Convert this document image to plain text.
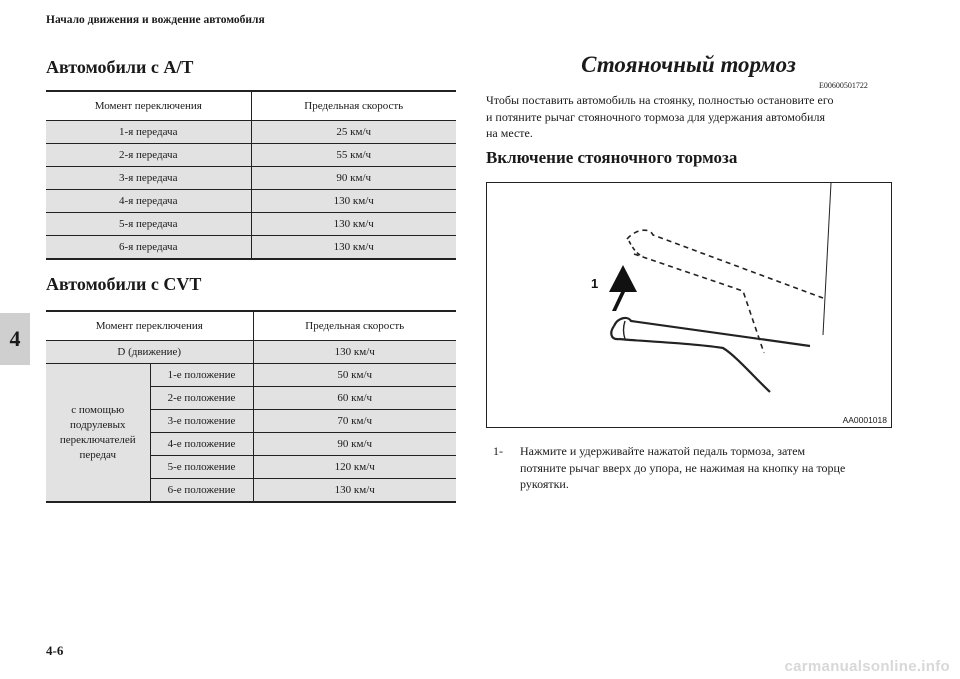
Начало движения и вождение автомобиля
4
Автомобили с A/T
Момент переключения	Предельная скорость
1-я передача	25 км/ч
2-я передача	55 км/ч
3-я передача	90 км/ч
4-я передача	130 км/ч
5-я передача	130 км/ч
6-я передача	130 км/ч
Автомобили с CVT
Момент переключения		Предельная скорость
D (движение)		130 км/ч

с помощью
подрулевых
переключателей
передач	1-е положение	50 км/ч
	2-е положение	60 км/ч
	3-е положение	70 км/ч
	4-е положение	90 км/ч
	5-е положение	120 км/ч
	6-е положение	130 км/ч
Стояночный тормоз
E00600501722
Чтобы поставить автомобиль на стоянку, полностью остановите его
и потяните рычаг стояночного тормоза для удержания автомобиля
на месте.
Включение стояночного тормоза
1
AA0001018
1- Нажмите и удерживайте нажатой педаль тормоза, затем
потяните рычаг вверх до упора, не нажимая на кнопку на торце
рукоятки.
4-6
carmanualsonline.info
